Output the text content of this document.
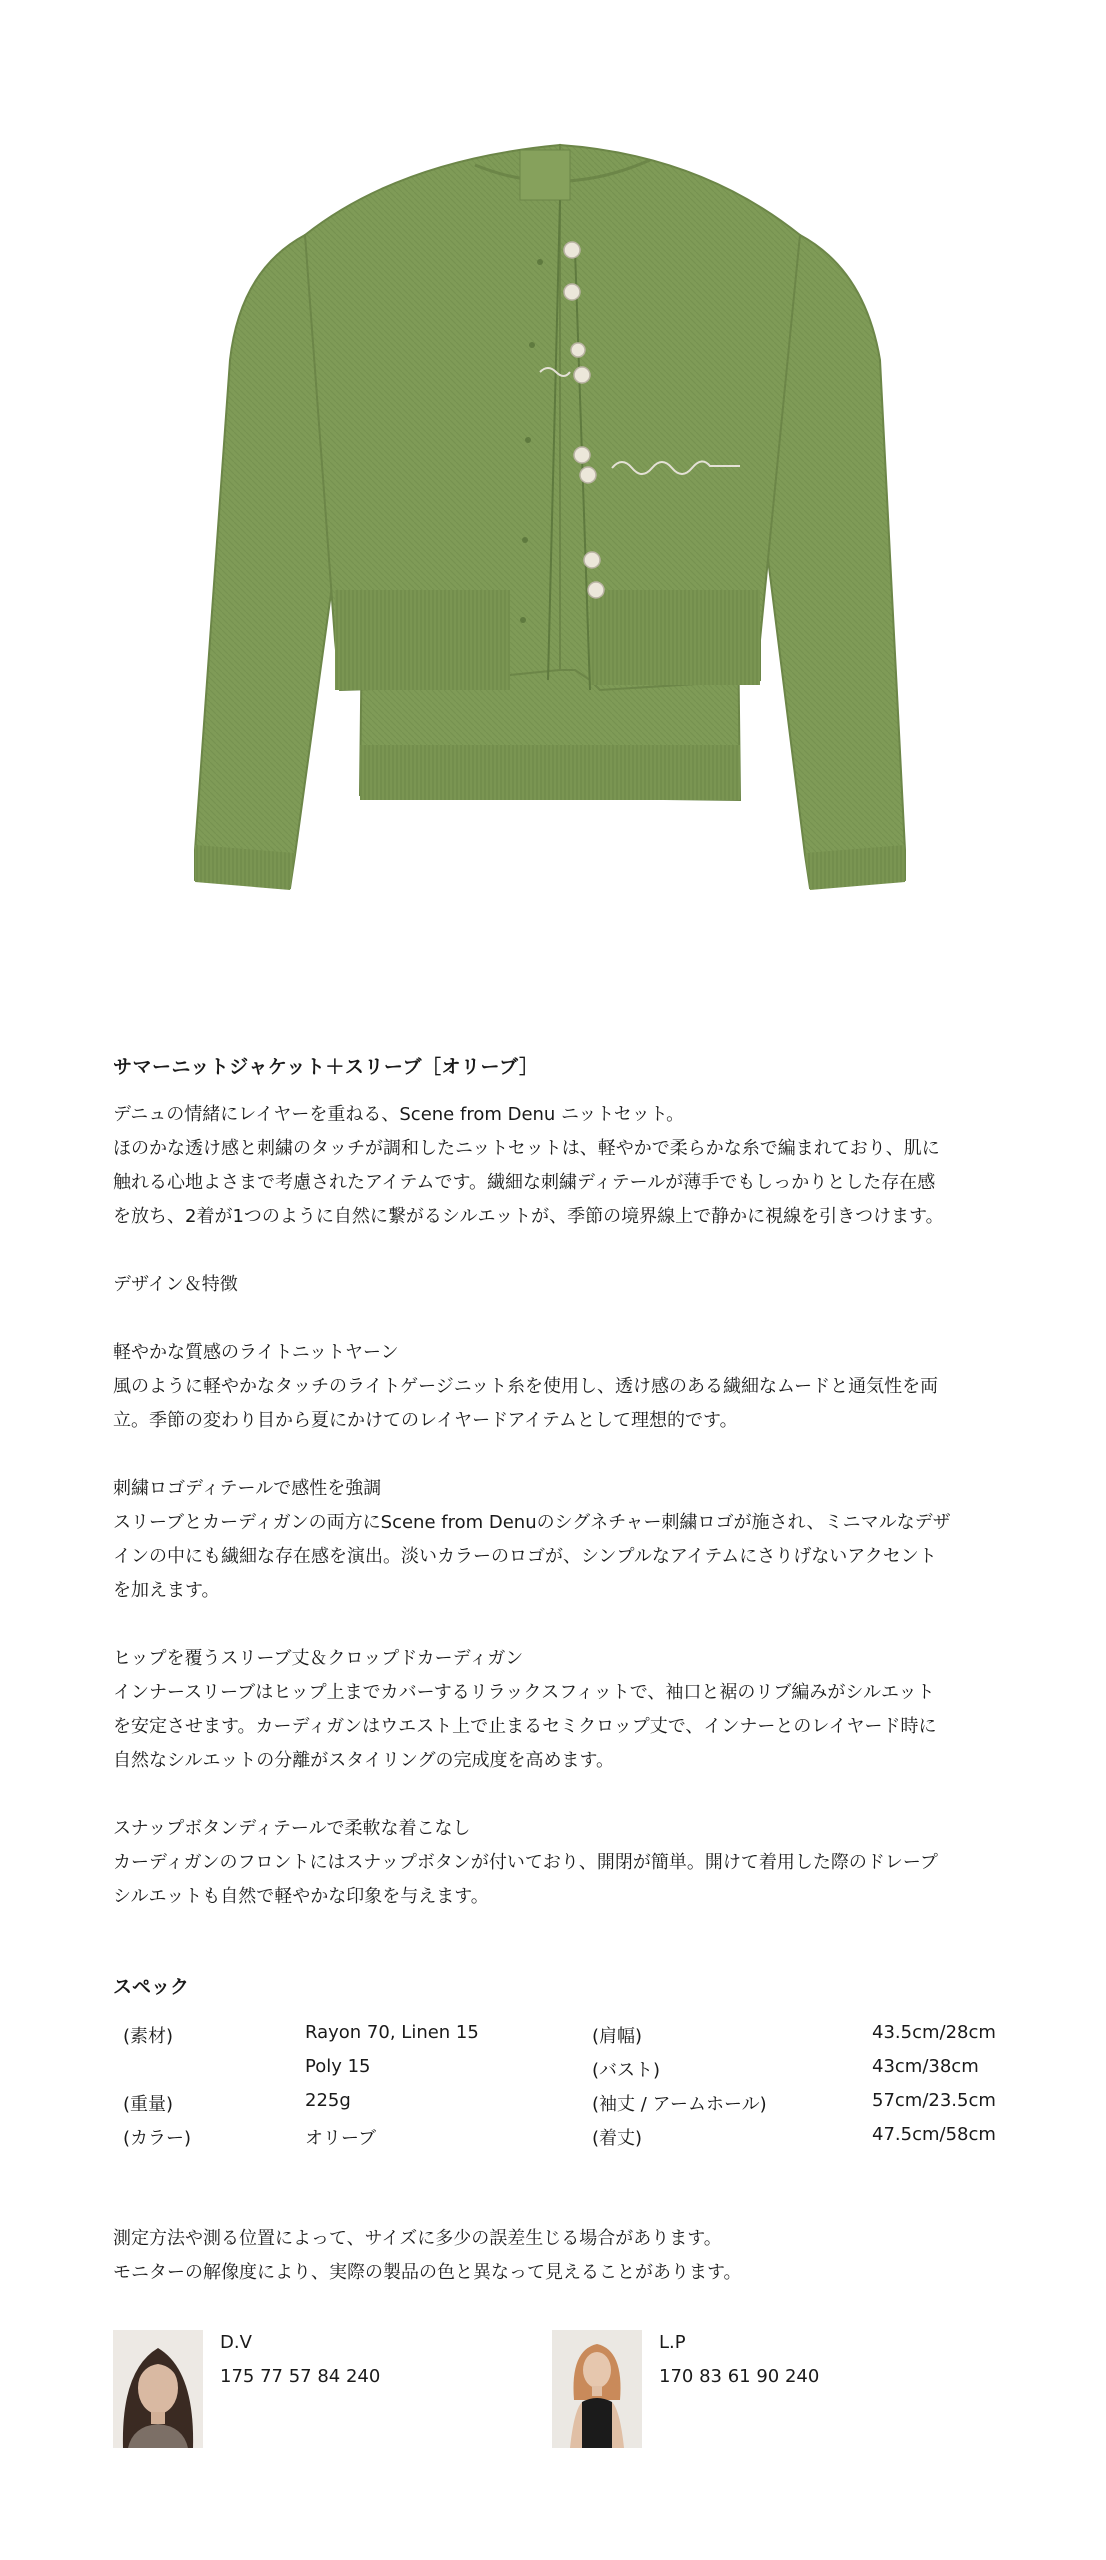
サマーニットジャケット＋スリーブ［オリーブ］
デニュの情緒にレイヤーを重ねる、Scene from Denu ニットセット。
ほのかな透け感と刺繍のタッチが調和したニットセットは、軽やかで柔らかな糸で編まれており、肌に
触れる心地よさまで考慮されたアイテムです。繊細な刺繍ディテールが薄手でもしっかりとした存在感
を放ち、2着が1つのように自然に繋がるシルエットが、季節の境界線上で静かに視線を引きつけます。
デザイン＆特徴
軽やかな質感のライトニットヤーン
風のように軽やかなタッチのライトゲージニット糸を使用し、透け感のある繊細なムードと通気性を両
立。季節の変わり目から夏にかけてのレイヤードアイテムとして理想的です。
刺繍ロゴディテールで感性を強調
スリーブとカーディガンの両方にScene from Denuのシグネチャー刺繍ロゴが施され、ミニマルなデザ
インの中にも繊細な存在感を演出。淡いカラーのロゴが、シンプルなアイテムにさりげないアクセント
を加えます。
ヒップを覆うスリーブ丈＆クロップドカーディガン
インナースリーブはヒップ上までカバーするリラックスフィットで、袖口と裾のリブ編みがシルエット
を安定させます。カーディガンはウエスト上で止まるセミクロップ丈で、インナーとのレイヤード時に
自然なシルエットの分離がスタイリングの完成度を高めます。
スナップボタンディテールで柔軟な着こなし
カーディガンのフロントにはスナップボタンが付いており、開閉が簡単。開けて着用した際のドレープ
シルエットも自然で軽やかな印象を与えます。
スペック
(素材)	Rayon 70, Linen 15	(肩幅)	43.5cm/28cm
Poly 15	(バスト)	43cm/38cm
(重量)	225g	(袖丈 / アームホール)	57cm/23.5cm
(カラー)	オリーブ	(着丈)	47.5cm/58cm
測定方法や測る位置によって、サイズに多少の誤差生じる場合があります。
モニターの解像度により、実際の製品の色と異なって見えることがあります。
D.V
175 77 57 84 240
L.P
170 83 61 90 240
